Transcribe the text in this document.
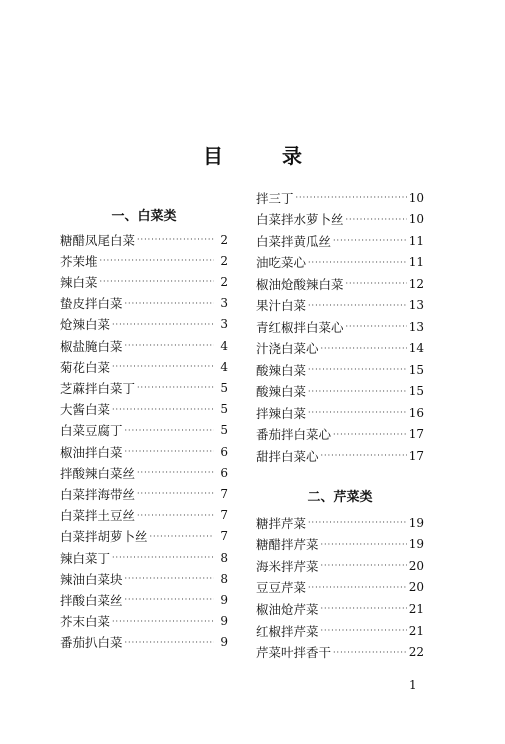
目 录
一、白菜类
糖醋凤尾白菜 ·····	2
芥茉堆 ·····	2
辣白菜 ·····	2
蛰皮拌白菜 ·····	3
炝辣白菜 ·····	3
椒盐腌白菜 ·····	4
菊花白菜 ·····	4
芝蔴拌白菜丁 ·····	5
大酱白菜 ·····	5
白菜豆腐丁 ·····	5
椒油拌白菜 ·····	6
拌酸辣白菜丝 ·····	6
白菜拌海带丝 ·····	7
白菜拌土豆丝 ·····	7
白菜拌胡萝卜丝 ·····	7
辣白菜丁 ·····	8
辣油白菜块 ·····	8
拌酸白菜丝 ·····	9
芥末白菜 ·····	9
番茄扒白菜 ·····	9
二、芹菜类
拌三丁 ·····	10
白菜拌水萝卜丝 ·····	10
白菜拌黄瓜丝 ·····	11
油吃菜心 ·····	11
椒油炝酸辣白菜 ·····	12
果汁白菜 ·····	13
青红椒拌白菜心 ·····	13
汁浇白菜心 ·····	14
酸辣白菜 ·····	15
酸辣白菜 ·····	15
拌辣白菜 ·····	16
番茄拌白菜心 ·····	17
甜拌白菜心 ·····	17
糖拌芹菜 ·····	19
糖醋拌芹菜 ·····	19
海米拌芹菜 ·····	20
豆豆芹菜 ·····	20
椒油炝芹菜 ·····	21
红椒拌芹菜 ·····	21
芹菜叶拌香干 ·····	22
1
